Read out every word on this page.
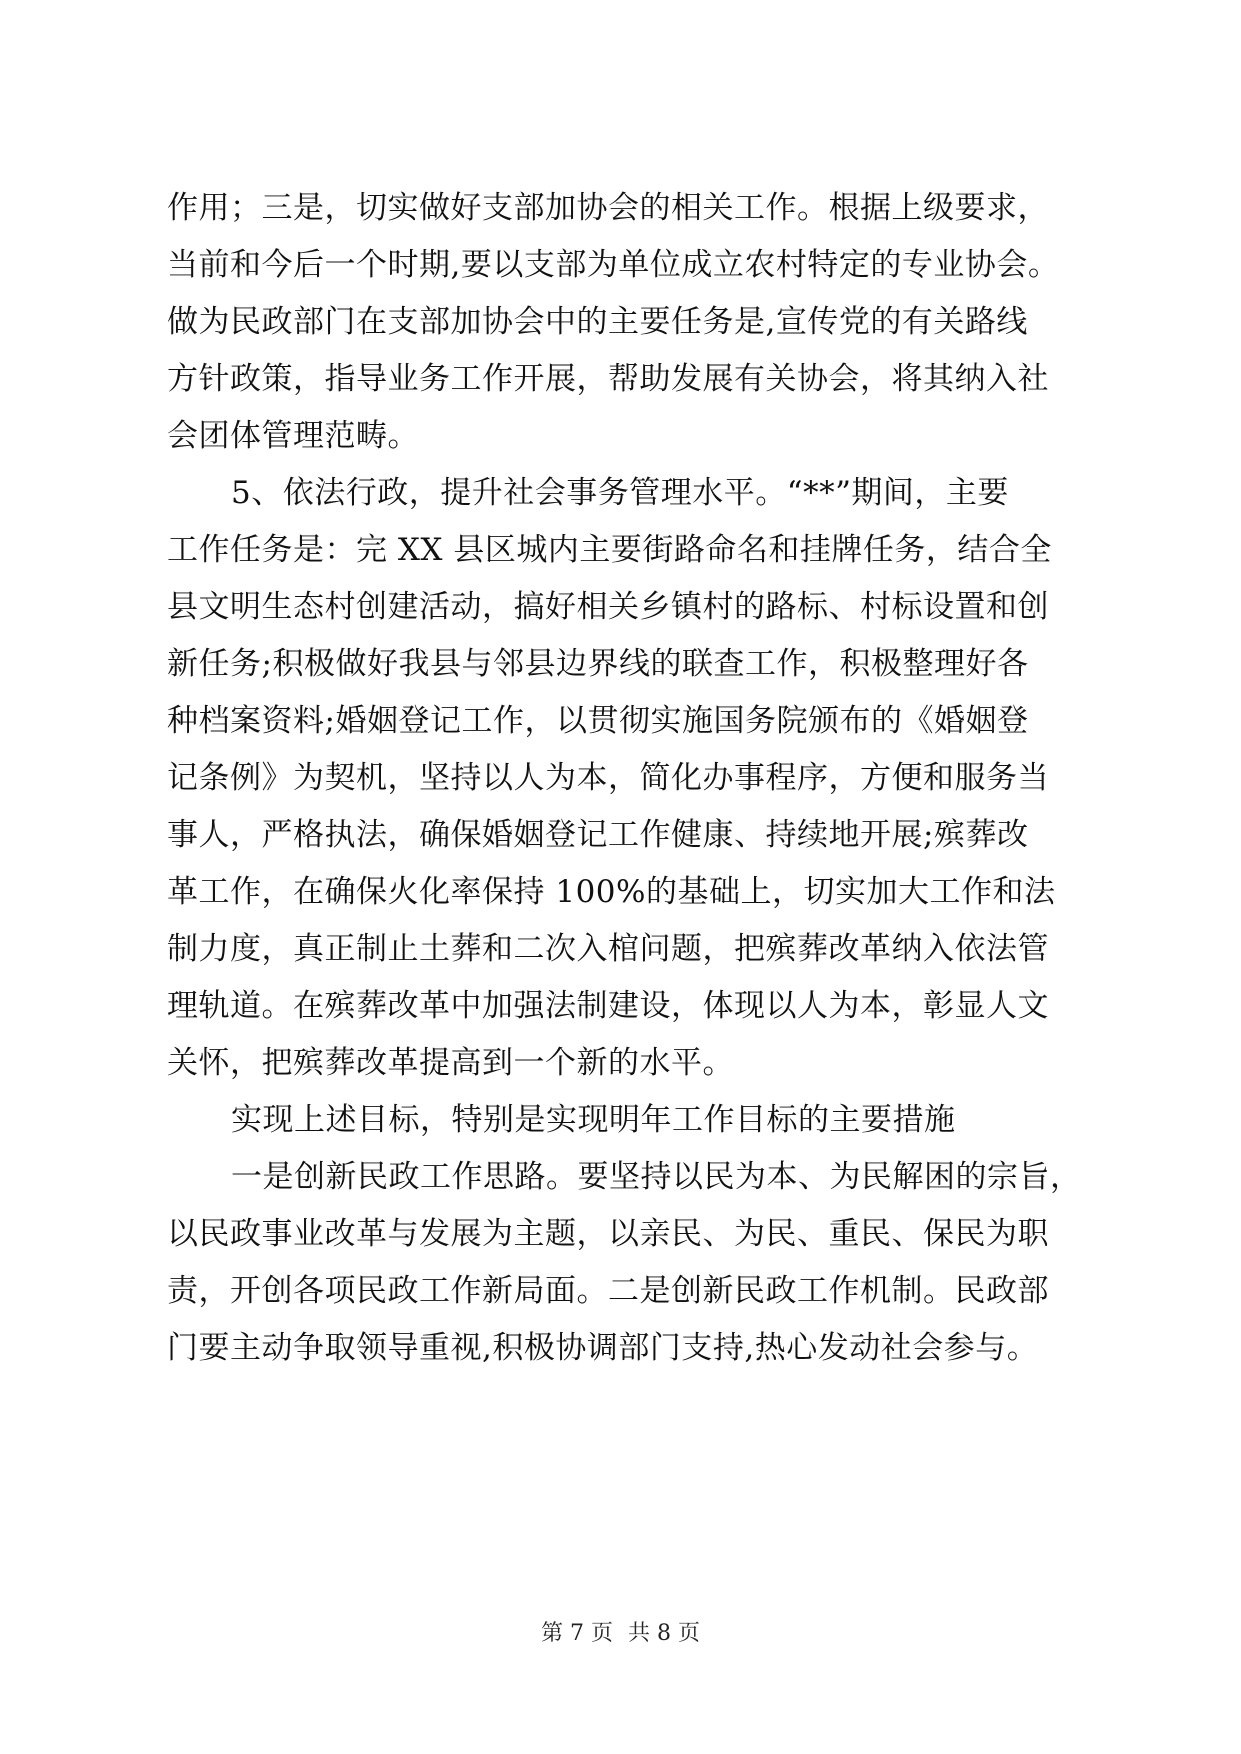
作用；三是，切实做好支部加协会的相关工作。根据上级要求，
当前和今后一个时期,要以支部为单位成立农村特定的专业协会。
做为民政部门在支部加协会中的主要任务是,宣传党的有关路线
方针政策，指导业务工作开展，帮助发展有关协会，将其纳入社
会团体管理范畴。
5、依法行政，提升社会事务管理水平。“**”期间，主要
工作任务是：完 XX 县区城内主要街路命名和挂牌任务，结合全
县文明生态村创建活动，搞好相关乡镇村的路标、村标设置和创
新任务;积极做好我县与邻县边界线的联查工作，积极整理好各
种档案资料;婚姻登记工作，以贯彻实施国务院颁布的《婚姻登
记条例》为契机，坚持以人为本，简化办事程序，方便和服务当
事人，严格执法，确保婚姻登记工作健康、持续地开展;殡葬改
革工作，在确保火化率保持 100%的基础上，切实加大工作和法
制力度，真正制止土葬和二次入棺问题，把殡葬改革纳入依法管
理轨道。在殡葬改革中加强法制建设，体现以人为本，彰显人文
关怀，把殡葬改革提高到一个新的水平。
实现上述目标，特别是实现明年工作目标的主要措施
一是创新民政工作思路。要坚持以民为本、为民解困的宗旨，
以民政事业改革与发展为主题，以亲民、为民、重民、保民为职
责，开创各项民政工作新局面。二是创新民政工作机制。民政部
门要主动争取领导重视,积极协调部门支持,热心发动社会参与。
第 7 页 共 8 页
